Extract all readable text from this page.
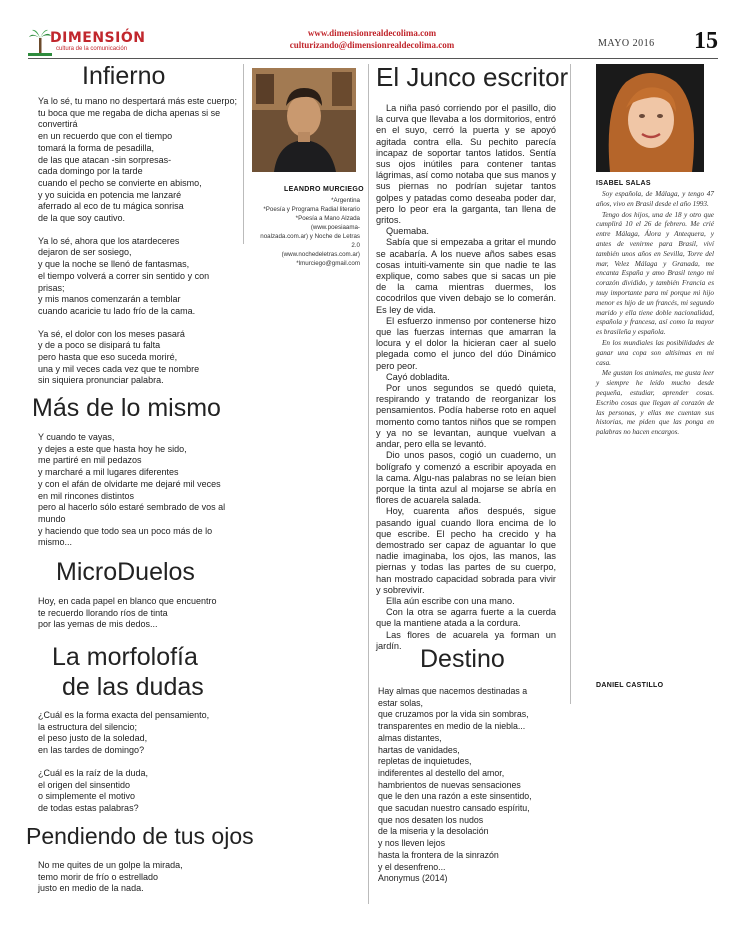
DIMENSIÓN
cultura de la comunicación
www.dimensionrealdecolima.com
culturizando@dimensionrealdecolima.com	MAYO 2016 15
Infierno
Ya lo sé, tu mano no despertará más este cuerpo;
tu boca que me regaba de dicha apenas si se
convertirá
en un recuerdo que con el tiempo
tomará la forma de pesadilla,
de las que atacan -sin sorpresas-
cada domingo por la tarde
cuando el pecho se convierte en abismo,
y yo suicida en potencia me lanzaré
aferrado al eco de tu mágica sonrisa
de la que soy cautivo.
Ya lo sé, ahora que los atardeceres
dejaron de ser sosiego,
y que la noche se llenó de fantasmas,
el tiempo volverá a correr sin sentido y con
prisas;
y mis manos comenzarán a temblar
cuando acaricie tu lado frío de la cama.
Ya sé, el dolor con los meses pasará
y de a poco se disipará tu falta
pero hasta que eso suceda moriré,
una y mil veces cada vez que te nombre
sin siquiera pronunciar palabra.
Más de lo mismo
Y cuando te vayas,
y dejes a este que hasta hoy he sido,
me partiré en mil pedazos
y marcharé a mil lugares diferentes
y con el afán de olvidarte me dejaré mil veces
en mil rincones distintos
pero al hacerlo sólo estaré sembrado de vos al
mundo
y haciendo que todo sea un poco más de lo
mismo...
MicroDuelos
Hoy, en cada papel en blanco que encuentro
te recuerdo llorando ríos de tinta
por las yemas de mis dedos...
La morfolofía
de las dudas
¿Cuál es la forma exacta del pensamiento,
la estructura del silencio;
el peso justo de la soledad,
en las tardes de domingo?
¿Cuál es la raíz de la duda,
el origen del sinsentido
o simplemente el motivo
de todas estas palabras?
Pendiendo de tus ojos
No me quites de un golpe la mirada,
temo morir de frío o estrellado
justo en medio de la nada.
LEANDRO MURCIEGO
*Argentina
*Poesía y Programa Radial literario
*Poesía a Mano Alzada (www.poesiaama-
noalzada.com.ar) y Noche de Letras 2.0
(www.nochedeletras.com.ar)
*lmurciego@gmail.com
El Junco escritor

La niña pasó corriendo por el pasillo, dio la curva que llevaba a los dormitorios, entró en el suyo, cerró la puerta y se apoyó agitada contra ella. Su pechito parecía incapaz de soportar tantos latidos. Sentía sus ojos inútiles para contener tantas lágrimas, así como notaba que sus manos y sus piernas no podrían sujetar tantos golpes y patadas como deseaba poder dar, pero lo peor era la garganta, tan llena de gritos.

Quemaba.

Sabía que si empezaba a gritar el mundo se acabaría. A los nueve años sabes esas cosas intuiti-vamente sin que nadie te las explique, como sabes que si sacas un pie de la cama mientras duermes, los cocodrilos que viven debajo se lo comerán. Es ley de vida.

El esfuerzo inmenso por contenerse hizo que las fuerzas internas que amarran la locura y el dolor la hicieran caer al suelo plegada como el junco del dúo Dinámico pero peor.

Cayó dobladita.

Por unos segundos se quedó quieta, respirando y tratando de reorganizar los pensamientos. Podía haberse roto en aquel momento como tantos niños que se rompen y ya no se levantan, aunque vuelvan a andar, pero ella se levantó.

Dio unos pasos, cogió un cuaderno, un bolígrafo y comenzó a escribir apoyada en la cama. Algu-nas palabras no se leían bien porque la tinta azul al mojarse se abría en flores de acuarela salada.

Hoy, cuarenta años después, sigue pasando igual cuando llora encima de lo que escribe. El pecho ha crecido y ha demostrado ser capaz de aguantar lo que nadie imaginaba, los ojos, las manos, las piernas y todas las partes de su cuerpo, han mostrado capacidad sobrada para vivir y sobrevivir.

Ella aún escribe con una mano.

Con la otra se agarra fuerte a la cuerda que la mantiene atada a la cordura.

Las flores de acuarela ya forman un jardín. Destino
Hay almas que nacemos destinadas a
estar solas,
que cruzamos por la vida sin sombras,
transparentes en medio de la niebla...
almas distantes,
hartas de vanidades,
repletas de inquietudes,
indiferentes al destello del amor,
hambrientos de nuevas sensaciones
que le den una razón a este sinsentido,
que sacudan nuestro cansado espíritu,
que nos desaten los nudos
de la miseria y la desolación
y nos lleven lejos
hasta la frontera de la sinrazón
y el desenfreno...
Anonymus (2014)
ISABEL SALAS

Soy española, de Málaga, y tengo 47 años, vivo en Brasil desde el año 1993.

Tengo dos hijos, una de 18 y otro que cumplirá 10 el 26 de febrero. Me crié entre Málaga, Álora y Antequera, y antes de venirme para Brasil, viví también unos años en Sevilla, Torre del mar, Velez Málaga y Granada, me encanta España y amo Brasil tengo mi corazón dividido, y también Francia es muy importante para mí porque mi hijo menor es hijo de un francés, mi segundo marido y ella tiene doble nacionalidad, española y francesa, así como la mayor es brasileña y española.

En los mundiales las posibilidades de ganar una copa son altísimas en mi casa.

Me gustan los animales, me gusta leer y siempre he leído mucho desde pequeña, estudiar, aprender cosas. Escribo cosas que llegan al corazón de las personas, y ellas me cuentan sus historias, me piden que las ponga en palabras no hacen encargos.

DANIEL CASTILLO
